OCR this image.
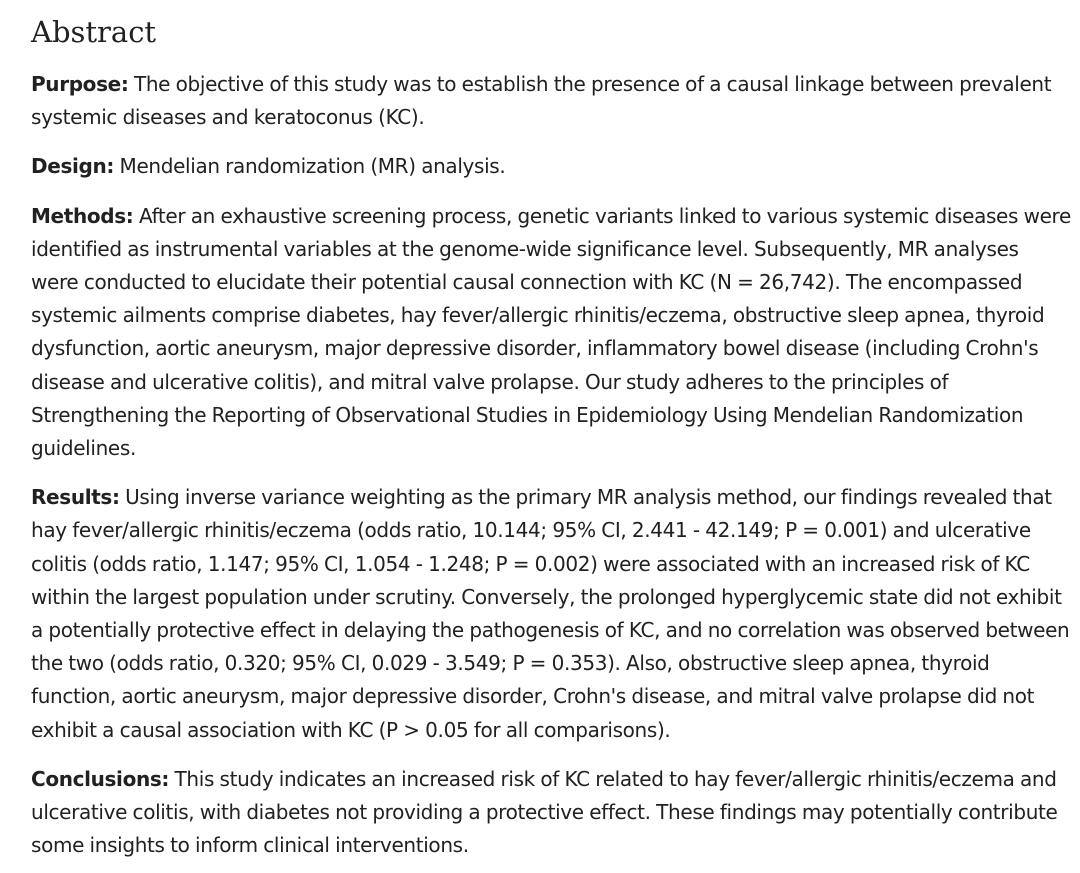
Abstract

Purpose: The objective of this study was to establish the presence of a causal linkage between prevalent systemic diseases and keratoconus (KC).

Design: Mendelian randomization (MR) analysis.

Methods: After an exhaustive screening process, genetic variants linked to various systemic diseases were identified as instrumental variables at the genome-wide significance level. Subsequently, MR analyses were conducted to elucidate their potential causal connection with KC (N = 26,742). The encompassed systemic ailments comprise diabetes, hay fever/allergic rhinitis/eczema, obstructive sleep apnea, thyroid dysfunction, aortic aneurysm, major depressive disorder, inflammatory bowel disease (including Crohn's disease and ulcerative colitis), and mitral valve prolapse. Our study adheres to the principles of Strengthening the Reporting of Observational Studies in Epidemiology Using Mendelian Randomization guidelines.

Results: Using inverse variance weighting as the primary MR analysis method, our findings revealed that hay fever/allergic rhinitis/eczema (odds ratio, 10.144; 95% CI, 2.441 - 42.149; P = 0.001) and ulcerative colitis (odds ratio, 1.147; 95% CI, 1.054 - 1.248; P = 0.002) were associated with an increased risk of KC within the largest population under scrutiny. Conversely, the prolonged hyperglycemic state did not exhibit a potentially protective effect in delaying the pathogenesis of KC, and no correlation was observed between the two (odds ratio, 0.320; 95% CI, 0.029 - 3.549; P = 0.353). Also, obstructive sleep apnea, thyroid function, aortic aneurysm, major depressive disorder, Crohn's disease, and mitral valve prolapse did not exhibit a causal association with KC (P > 0.05 for all comparisons).

Conclusions: This study indicates an increased risk of KC related to hay fever/allergic rhinitis/eczema and ulcerative colitis, with diabetes not providing a protective effect. These findings may potentially contribute some insights to inform clinical interventions.
